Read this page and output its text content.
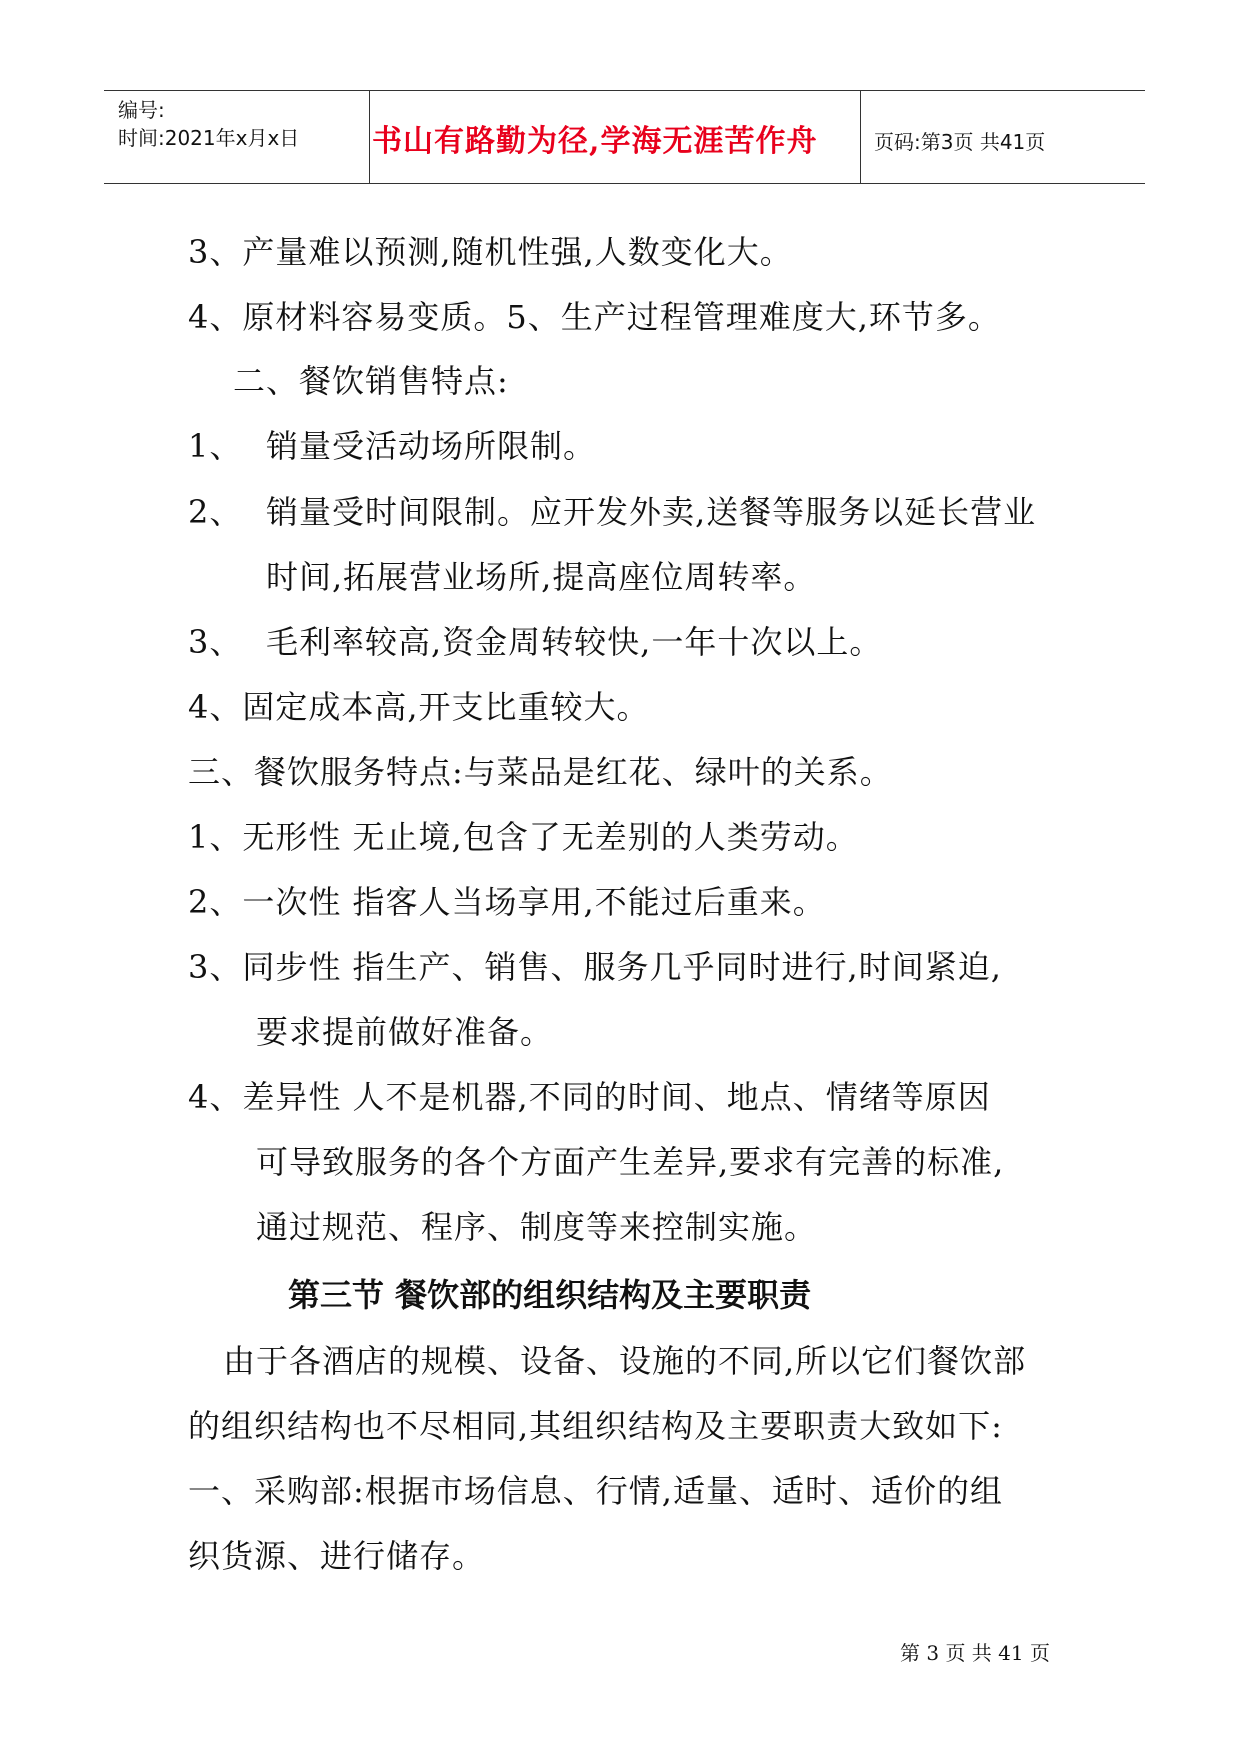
编号:
时间:2021年x月x日 书山有路勤为径,学海无涯苦作舟	页码:第3页 共41页
3、产量难以预测,随机性强,人数变化大。
4、原材料容易变质。5、生产过程管理难度大,环节多。
二、餐饮销售特点:
1、 销量受活动场所限制。
2、 销量受时间限制。应开发外卖,送餐等服务以延长营业
时间,拓展营业场所,提高座位周转率。
3、 毛利率较高,资金周转较快,一年十次以上。
4、固定成本高,开支比重较大。
三、餐饮服务特点:与菜品是红花、绿叶的关系。
1、无形性 无止境,包含了无差别的人类劳动。
2、一次性 指客人当场享用,不能过后重来。
3、同步性 指生产、销售、服务几乎同时进行,时间紧迫,
要求提前做好准备。
4、差异性 人不是机器,不同的时间、地点、情绪等原因
可导致服务的各个方面产生差异,要求有完善的标准,
通过规范、程序、制度等来控制实施。
第三节 餐饮部的组织结构及主要职责
由于各酒店的规模、设备、设施的不同,所以它们餐饮部
的组织结构也不尽相同,其组织结构及主要职责大致如下:
一、采购部:根据市场信息、行情,适量、适时、适价的组
织货源、进行储存。
第 3 页 共 41 页
